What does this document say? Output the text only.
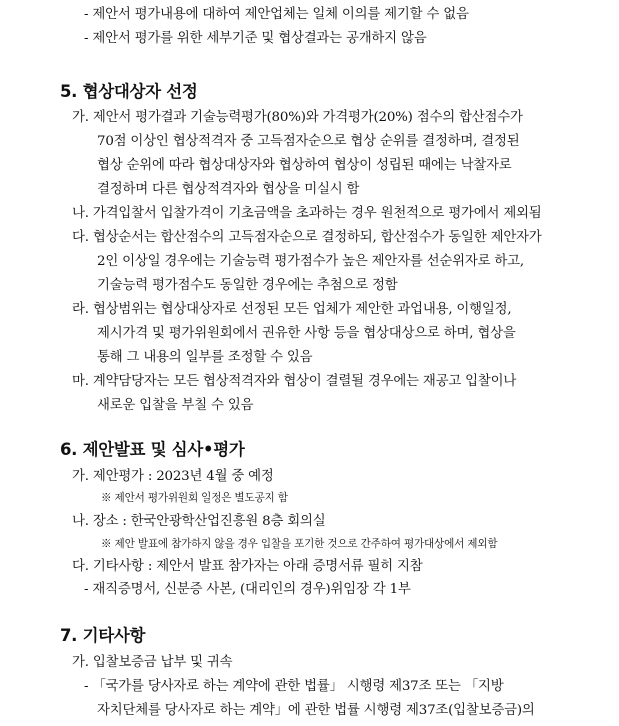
- 제안서 평가내용에 대하여 제안업체는 일체 이의를 제기할 수 없음
- 제안서 평가를 위한 세부기준 및 협상결과는 공개하지 않음
5. 협상대상자 선정
가. 제안서 평가결과 기술능력평가(80%)와 가격평가(20%) 점수의 합산점수가
70점 이상인 협상적격자 중 고득점자순으로 협상 순위를 결정하며, 결정된
협상 순위에 따라 협상대상자와 협상하여 협상이 성립된 때에는 낙찰자로
결정하며 다른 협상적격자와 협상을 미실시 함
나. 가격입찰서 입찰가격이 기초금액을 초과하는 경우 원천적으로 평가에서 제외됨
다. 협상순서는 합산점수의 고득점자순으로 결정하되, 합산점수가 동일한 제안자가
2인 이상일 경우에는 기술능력 평가점수가 높은 제안자를 선순위자로 하고,
기술능력 평가점수도 동일한 경우에는 추첨으로 정함
라. 협상범위는 협상대상자로 선정된 모든 업체가 제안한 과업내용, 이행일정,
제시가격 및 평가위원회에서 권유한 사항 등을 협상대상으로 하며, 협상을
통해 그 내용의 일부를 조정할 수 있음
마. 계약담당자는 모든 협상적격자와 협상이 결렬될 경우에는 재공고 입찰이나
새로운 입찰을 부칠 수 있음
6. 제안발표 및 심사•평가
가. 제안평가 : 2023년 4월 중 예정
※ 제안서 평가위원회 일정은 별도공지 함
나. 장소 : 한국안광학산업진흥원 8층 회의실
※ 제안 발표에 참가하지 않을 경우 입찰을 포기한 것으로 간주하여 평가대상에서 제외함
다. 기타사항 : 제안서 발표 참가자는 아래 증명서류 필히 지참
- 재직증명서, 신분증 사본, (대리인의 경우)위임장 각 1부
7. 기타사항
가. 입찰보증금 납부 및 귀속
- 「국가를 당사자로 하는 계약에 관한 법률」 시행령 제37조 또는 「지방
자치단체를 당사자로 하는 계약」에 관한 법률 시행령 제37조(입찰보증금)의
